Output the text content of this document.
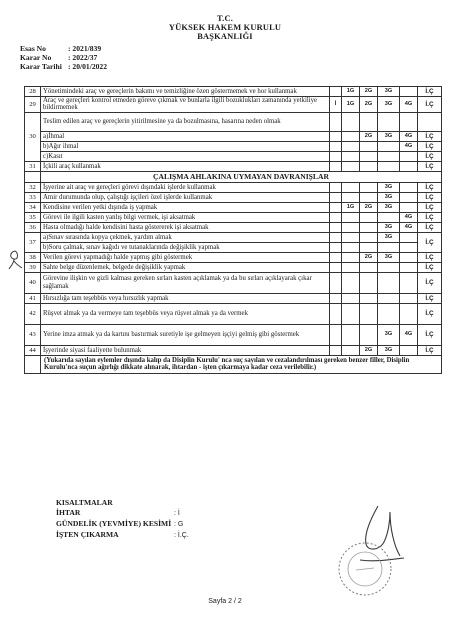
T.C.
YÜKSEK HAKEM KURULU
BAŞKANLIĞI
Esas No	: 2021/839
Karar No : 2022/37
Karar Tarihi : 20/01/2022
28	Yönetimindeki araç ve gereçlerin bakımı ve temizliğine özen göstermemek ve hor kullanmak		1G	2G	3G		İ.Ç
29	Araç ve gereçleri kontrol etmeden göreve çıkmak ve bunlarla ilgili bozuklukları zamanında yetkiliye bildirmemek	İ	1G	2G	3G	4G	İ.Ç
30	Teslim edilen araç ve gereçlerin yitirilmesine ya da bozulmasına, hasarına neden olmak						
	a)İhmal			2G	3G	4G	İ.Ç
	b)Ağır ihmal					4G	İ.Ç
	c)Kasıt						İ.Ç
31	İçkili araç kullanmak						İ.Ç
	ÇALIŞMA AHLAKINA UYMAYAN DAVRANIŞLAR						
32	İşyerine ait araç ve gereçleri görevi dışındaki işlerde kullanmak				3G		İ.Ç
33	Amir durumunda olup, çalıştığı işçileri özel işlerde kullanmak				3G		İ.Ç
34	Kendisine verilen yetki dışında iş yapmak		1G	2G	3G		İ.Ç
35	Görevi ile ilgili kasten yanlış bilgi vermek, işi aksatmak					4G	İ.Ç
36	Hasta olmadığı halde kendisini hasta göstererek işi aksatmak				3G	4G	İ.Ç
37	a)Sınav sırasında kopya çekmek, yardım almak				3G		İ.Ç
	b)Soru çalmak, sınav kağıdı ve tutanaklarında değişiklik yapmak						
38	Verilen görevi yapmadığı halde yapmış gibi göstermek			2G	3G		İ.Ç
39	Sahte belge düzenlemek, belgede değişiklik yapmak						İ.Ç
40	Görevine ilişkin ve gizli kalması gereken sırları kasten açıklamak ya da bu sırları açıklayarak çıkar sağlamak						İ.Ç
41	Hırsızlığa tam teşebbüs veya hırsızlık yapmak						İ.Ç
42	Rüşvet almak ya da vermeye tam teşebbüs veya rüşvet almak ya da vermek						İ.Ç
43	Yerine imza atmak ya da kartını bastırmak suretiyle işe gelmeyen işçiyi gelmiş gibi göstermek				3G	4G	İ.Ç
44	İşyerinde siyasi faaliyette bulunmak			2G	3G		İ.Ç
	(Yukarıda sayılan eylemler dışında kalıp da Disiplin Kurulu' nca suç sayılan ve cezalandırılması gereken benzer filler, Disiplin Kurulu'nca suçun ağırlığı dikkate alınarak, ihtardan - işten çıkarmaya kadar ceza verilebilir.)						
KISALTMALAR
İHTAR	: İ
GÜNDELİK (YEVMİYE) KESİMİ : G
İŞTEN ÇIKARMA	: İ.Ç.
Sayfa 2 / 2
